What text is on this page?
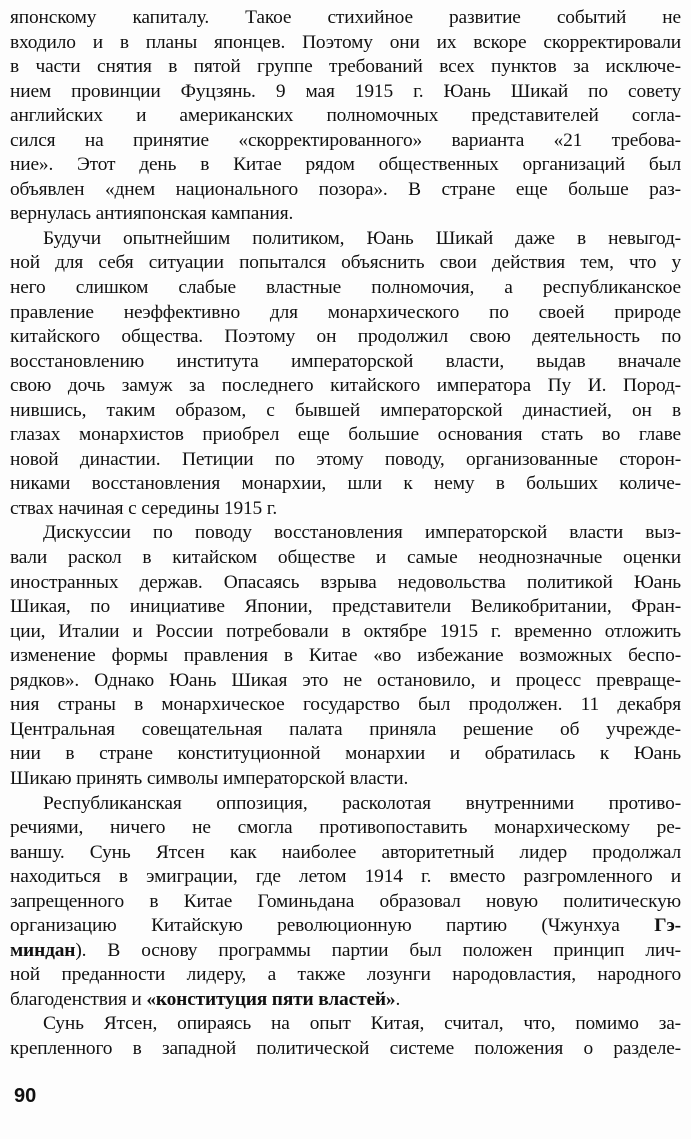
японскому капиталу. Такое стихийное развитие событий не
входило и в планы японцев. Поэтому они их вскоре скорректировали
в части снятия в пятой группе требований всех пунктов за исключе-
нием провинции Фуцзянь. 9 мая 1915 г. Юань Шикай по совету
английских и американских полномочных представителей согла-
сился на принятие «скорректированного» варианта «21 требова-
ние». Этот день в Китае рядом общественных организаций был
объявлен «днем национального позора». В стране еще больше раз-
вернулась антияпонская кампания.

Будучи опытнейшим политиком, Юань Шикай даже в невыгод-
ной для себя ситуации попытался объяснить свои действия тем, что у
него слишком слабые властные полномочия, а республиканское
правление неэффективно для монархического по своей природе
китайского общества. Поэтому он продолжил свою деятельность по
восстановлению института императорской власти, выдав вначале
свою дочь замуж за последнего китайского императора Пу И. Пород-
нившись, таким образом, с бывшей императорской династией, он в
глазах монархистов приобрел еще большие основания стать во главе
новой династии. Петиции по этому поводу, организованные сторон-
никами восстановления монархии, шли к нему в больших количе-
ствах начиная с середины 1915 г.

Дискуссии по поводу восстановления императорской власти выз-
вали раскол в китайском обществе и самые неоднозначные оценки
иностранных держав. Опасаясь взрыва недовольства политикой Юань
Шикая, по инициативе Японии, представители Великобритании, Фран-
ции, Италии и России потребовали в октябре 1915 г. временно отложить
изменение формы правления в Китае «во избежание возможных беспо-
рядков». Однако Юань Шикая это не остановило, и процесс превраще-
ния страны в монархическое государство был продолжен. 11 декабря
Центральная совещательная палата приняла решение об учрежде-
нии в стране конституционной монархии и обратилась к Юань
Шикаю принять символы императорской власти.

Республиканская оппозиция, расколотая внутренними противо-
речиями, ничего не смогла противопоставить монархическому ре-
ваншу. Сунь Ятсен как наиболее авторитетный лидер продолжал
находиться в эмиграции, где летом 1914 г. вместо разгромленного и
запрещенного в Китае Гоминьдана образовал новую политическую
организацию Китайскую революционную партию (Чжунхуа Гэ-
миндан). В основу программы партии был положен принцип лич-
ной преданности лидеру, а также лозунги народовластия, народного
благоденствия и «конституция пяти властей».

Сунь Ятсен, опираясь на опыт Китая, считал, что, помимо за-
крепленного в западной политической системе положения о разделе-

90
